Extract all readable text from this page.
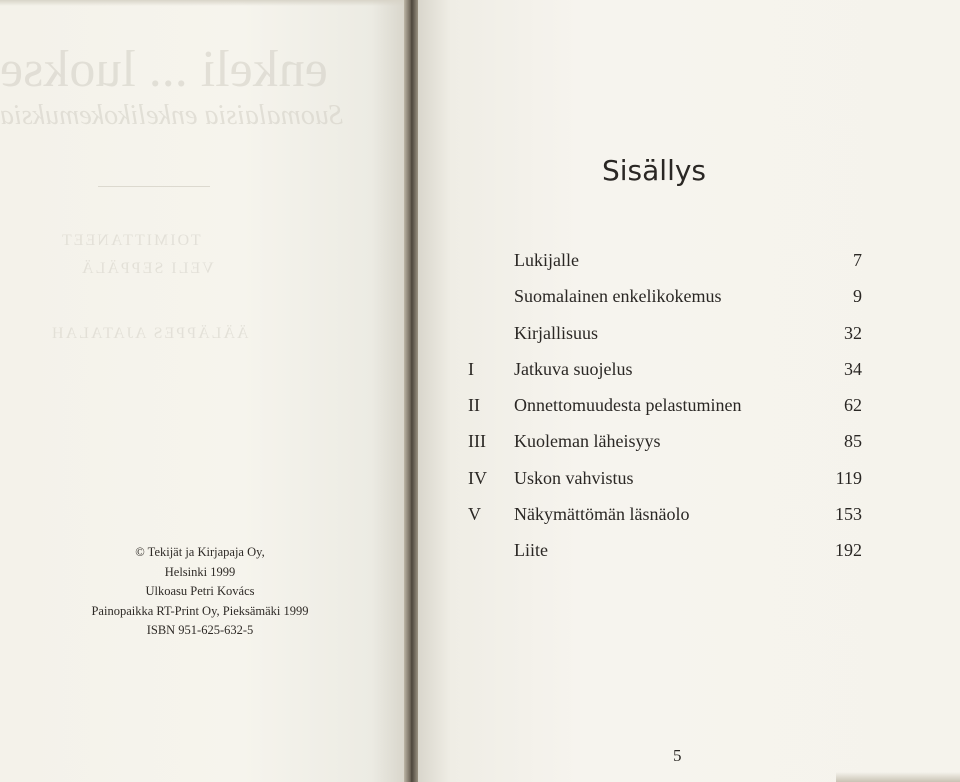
enkeli ... luokse
Suomalaisia enkelikokemuksia
TOIMITTANEET
VELI SEPPÄLÄ
ÄÄLÄPPES AJATALAH
© Tekijät ja Kirjapaja Oy,
Helsinki 1999
Ulkoasu Petri Kovács
Painopaikka RT-Print Oy, Pieksämäki 1999
ISBN 951-625-632-5
Sisällys
Lukijalle	7
Suomalainen enkelikokemus	9
Kirjallisuus	32
I	Jatkuva suojelus	34
II	Onnettomuudesta pelastuminen	62
III	Kuoleman läheisyys	85
IV	Uskon vahvistus	119
V	Näkymättömän läsnäolo	153
Liite	192
5
